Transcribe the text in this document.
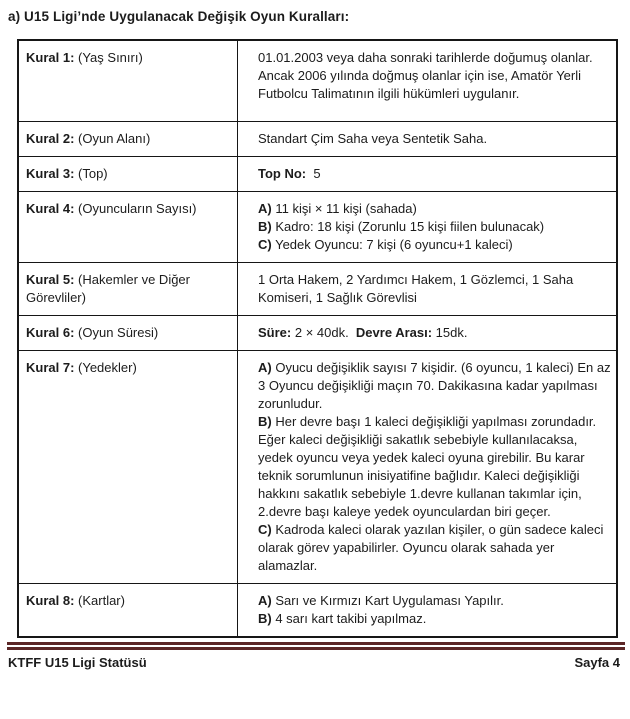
a) U15 Ligi’nde Uygulanacak Değişik Oyun Kuralları:
Kural 1: (Yaş Sınırı)	01.01.2003 veya daha sonraki tarihlerde doğumuş olanlar. Ancak 2006 yılında doğmuş olanlar için ise, Amatör Yerli Futbolcu Talimatının ilgili hükümleri uygulanır.

Kural 2: (Oyun Alanı)	Standart Çim Saha veya Sentetik Saha.

Kural 3: (Top)	Top No:  5

Kural 4: (Oyuncuların Sayısı)	A) 11 kişi × 11 kişi (sahada)

B) Kadro: 18 kişi (Zorunlu 15 kişi fiilen bulunacak)

C) Yedek Oyuncu: 7 kişi (6 oyuncu+1 kaleci)

Kural 5: (Hakemler ve Diğer Görevliler)	1 Orta Hakem, 2 Yardımcı Hakem, 1 Gözlemci, 1 Saha Komiseri, 1 Sağlık Görevlisi

Kural 6: (Oyun Süresi)	Süre: 2 × 40dk.  Devre Arası: 15dk.

Kural 7: (Yedekler)	A) Oyucu değişiklik sayısı 7 kişidir. (6 oyuncu, 1 kaleci) En az 3 Oyuncu değişikliği maçın 70. Dakikasına kadar yapılması zorunludur.

B) Her devre başı 1 kaleci değişikliği yapılması zorundadır. Eğer kaleci değişikliği sakatlık sebebiyle kullanılacaksa, yedek oyuncu veya yedek kaleci oyuna girebilir. Bu karar teknik sorumlunun inisiyatifine bağlıdır. Kaleci değişikliği hakkını sakatlık sebebiyle 1.devre kullanan takımlar için, 2.devre başı kaleye yedek oyunculardan biri geçer.

C) Kadroda kaleci olarak yazılan kişiler, o gün sadece kaleci olarak görev yapabilirler. Oyuncu olarak sahada yer alamazlar.

Kural 8: (Kartlar)	A) Sarı ve Kırmızı Kart Uygulaması Yapılır.

B) 4 sarı kart takibi yapılmaz.

KTFF U15 Ligi Statüsü	Sayfa 4
